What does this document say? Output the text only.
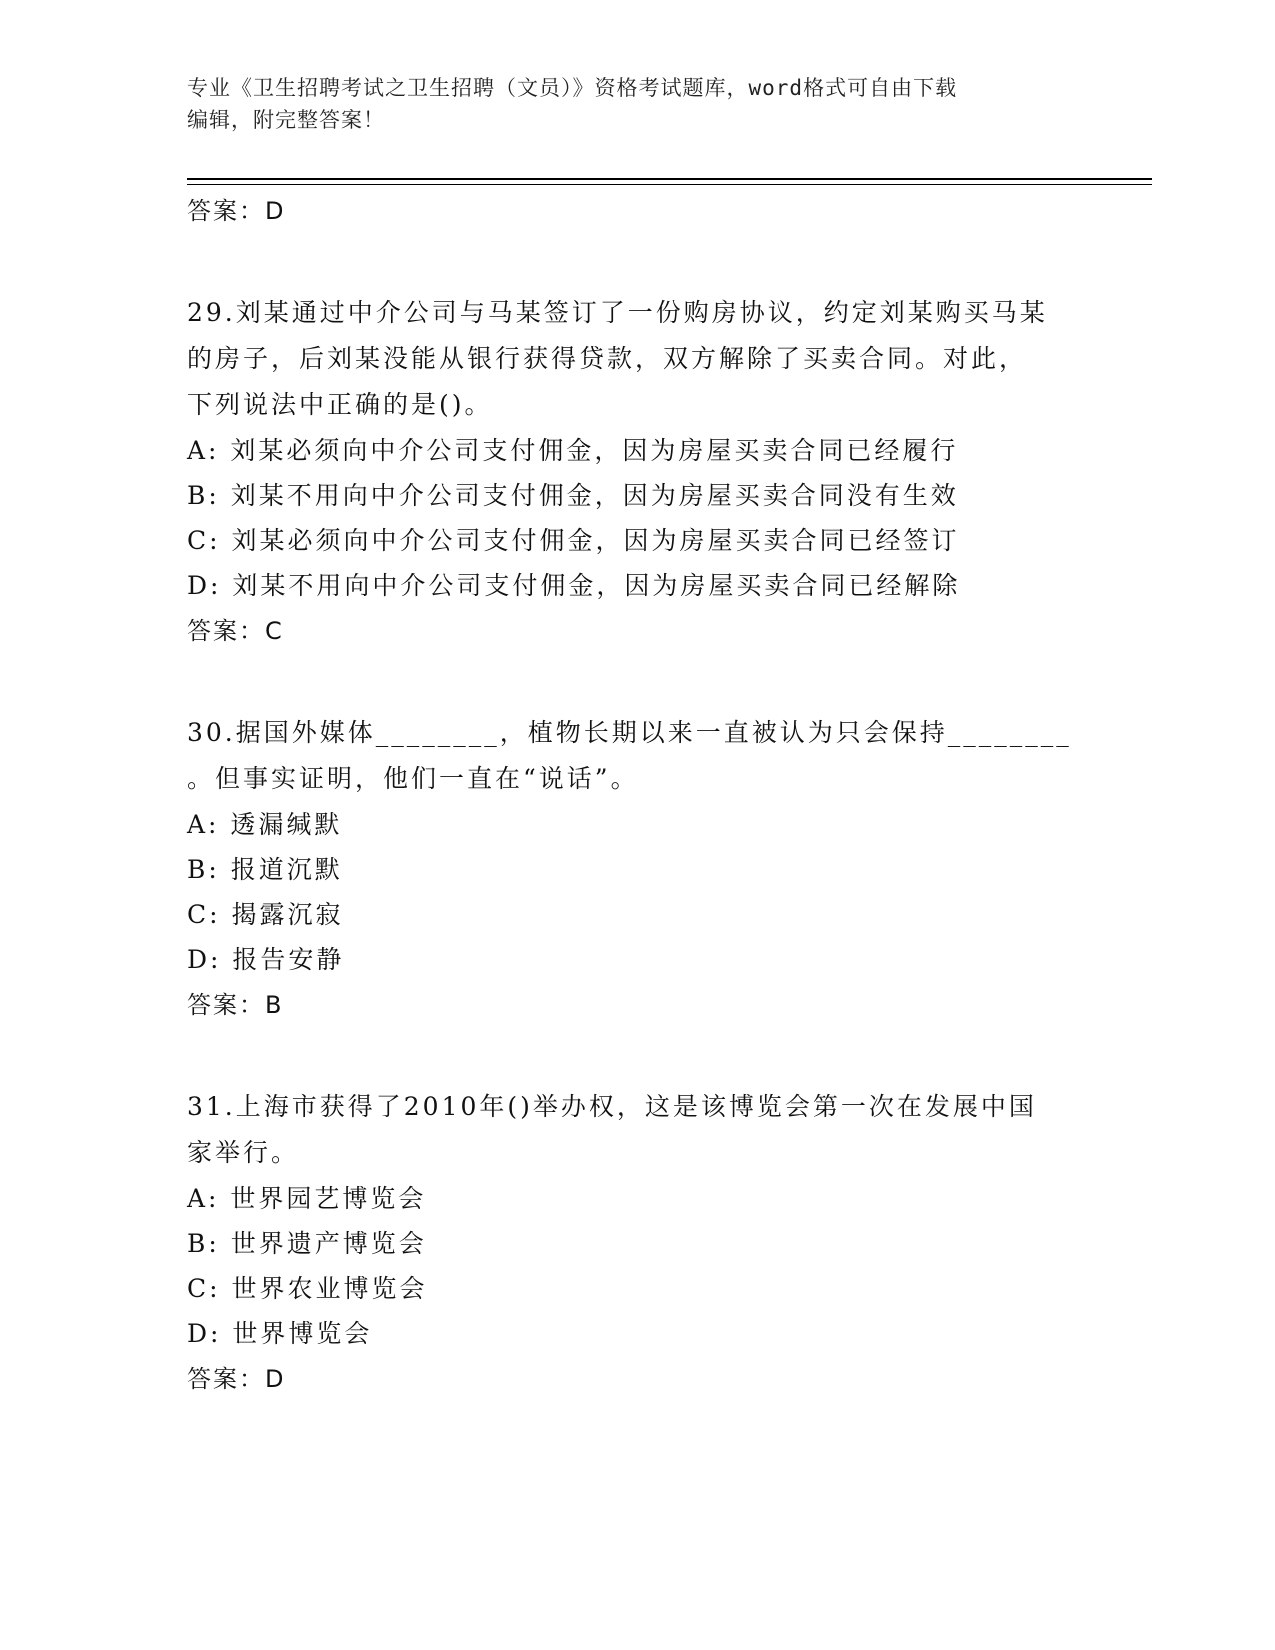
专业《卫生招聘考试之卫生招聘（文员）》资格考试题库，word格式可自由下载
编辑，附完整答案！
答案：D
29.刘某通过中介公司与马某签订了一份购房协议，约定刘某购买马某
的房子，后刘某没能从银行获得贷款，双方解除了买卖合同。对此，
下列说法中正确的是()。
A: 刘某必须向中介公司支付佣金，因为房屋买卖合同已经履行
B: 刘某不用向中介公司支付佣金，因为房屋买卖合同没有生效
C: 刘某必须向中介公司支付佣金，因为房屋买卖合同已经签订
D: 刘某不用向中介公司支付佣金，因为房屋买卖合同已经解除
答案：C
30.据国外媒体________，植物长期以来一直被认为只会保持________
。但事实证明，他们一直在“说话”。
A: 透漏缄默
B: 报道沉默
C: 揭露沉寂
D: 报告安静
答案：B
31.上海市获得了2010年()举办权，这是该博览会第一次在发展中国
家举行。
A: 世界园艺博览会
B: 世界遗产博览会
C: 世界农业博览会
D: 世界博览会
答案：D
